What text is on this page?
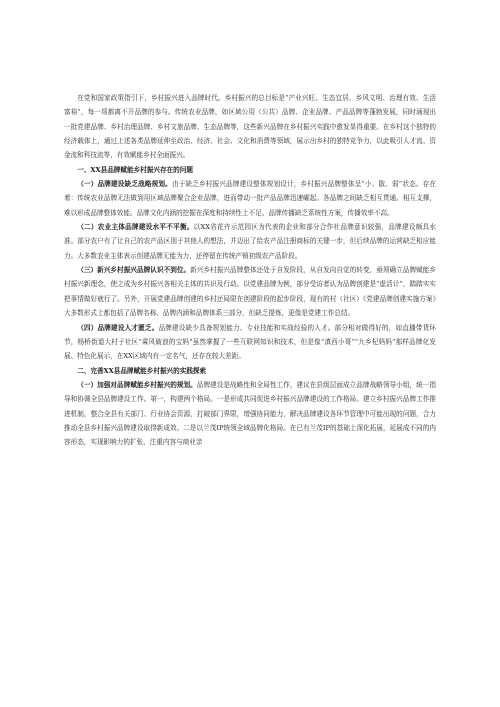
在党和国家政策指引下，乡村振兴进入品牌时代。乡村振兴的总目标是“产业兴旺、生态宜居、乡风文明、治理有效、生活富裕”，每一项都离不开品牌的参与。传统农业品牌，如区域公用（公共）品牌、企业品牌、产品品牌等蓬勃发展，同时涌现出一批党建品牌、乡村治理品牌、乡村文旅品牌、生态品牌等，这些新兴品牌在乡村振兴实践中愈发显得重要。在乡村这个独特的经济载体上，通过上述各类品牌延伸至政治、经济、社会、文化和消费等领域，展示出乡村的独特竞争力，以此吸引人才流、资金流和科技流等，有效赋能乡村全面振兴。

一、XX县品牌赋能乡村振兴存在的问题

（一）品牌建设缺乏战略规划。由于缺乏乡村振兴品牌建设整体规划设计，乡村振兴品牌整体呈“小、散、弱”状态。存在着：传统农业品牌无法做到用区域品牌聚合企业品牌，进而带动一批产品品牌迅速崛起。各品牌之间缺乏相互贯通、相互支撑，难以形成品牌整体效能。品牌文化内涵的挖掘在深度和持续性上不足。品牌传播缺乏系统性方案，传播效率不高。

（二）农业主体品牌建设水平不平衡。以XX省花卉示范园区为代表的企业和部分合作社品牌意识较强，品牌建设颇具水准。部分农户有了让自己的农产品区别于其他人的想法，并迈出了给农产品注册商标的关键一步，但后续品牌的运营缺乏相应能力。大多数农业主体表示创建品牌无能为力，还停留在传统产销初级农产品阶段。

（三）新兴乡村振兴品牌认识不到位。新兴乡村振兴品牌整体还处于自发阶段，从自发向自觉的转变，亟须确立品牌赋能乡村振兴新理念，使之成为乡村振兴各相关主体的共识及行动。以党建品牌为例，部分受访者认为品牌创建是“虚活计”，踏踏实实把事情做好就行了。另外，开展党建品牌创建的乡村还局限在创建阶段的起步阶段，现有的村（社区）《党建品牌创建实施方案》大多数形式上都包括了品牌名称、品牌内涵和品牌体系三部分，但缺乏提炼，更像是党建工作总结。

（四）品牌建设人才匮乏。品牌建设缺少具备规划能力、专业技能和实战经验的人才。部分相对做得好的，如直播带货环节，杨桥街道大村子社区“乘风破浪的宝妈”虽然掌握了一些互联网知识和技术，但是像“滇西小哥”“九乡杞妈妈”那样品牌化发展、特色化展示，在XX区域内有一定名气，还存在较大差距。

二、完善XX县品牌赋能乡村振兴的实践探索

（一）加强对品牌赋能乡村振兴的规划。品牌建设是战略性和全局性工作，建议在县级层面成立品牌战略领导小组，统一指导和协调全县品牌建设工作。第一，构建两个格局。一是形成共同促进乡村振兴品牌建设的工作格局。建立乡村振兴品牌工作推进机制，整合全县有关部门、行业协会资源，打破部门界限，增强协同能力，解决品牌建设各环节管理中可能出现的问题，合力推动全县乡村振兴品牌建设取得新成效。二是以兰茂IP统领全域品牌化格局。在已有兰茂IP的基础上深化拓展，延展成不同的内容形态，实现影响力的扩张，注重内容与商业亲
